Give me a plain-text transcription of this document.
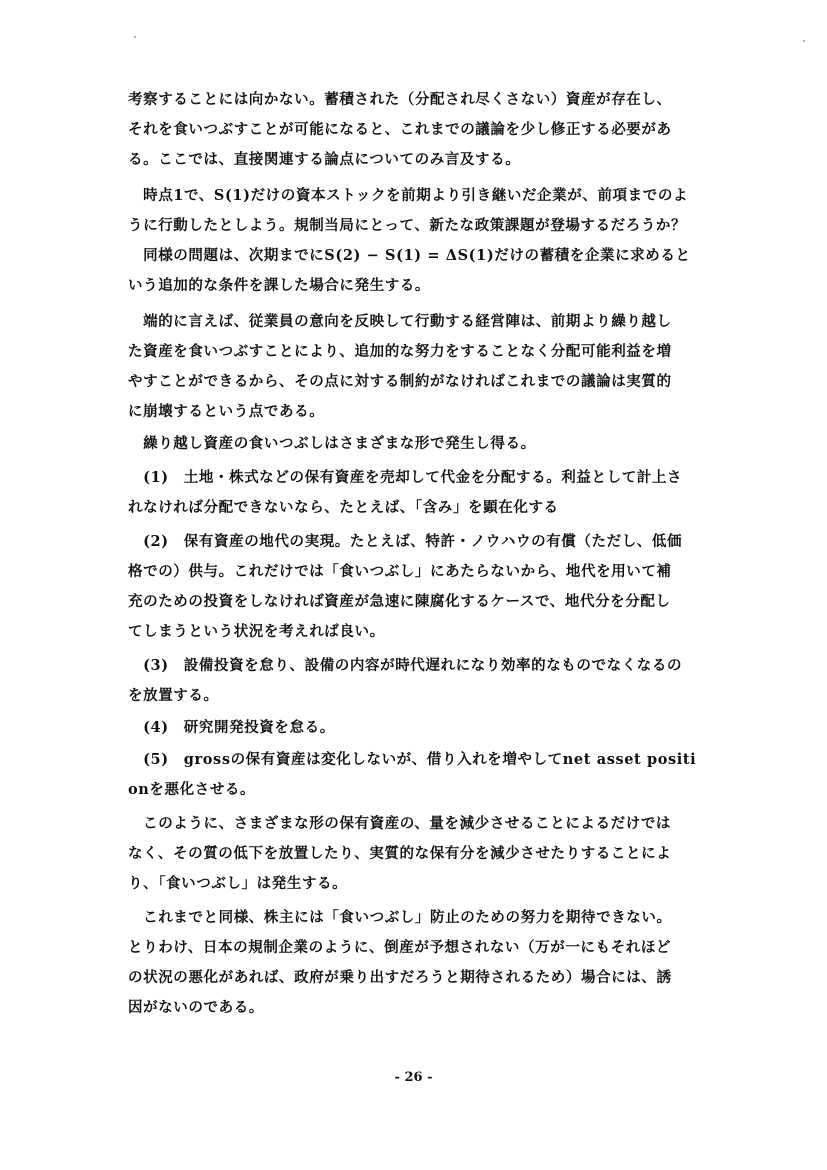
考察することには向かない。蓄積された（分配され尽くさない）資産が存在し、
それを食いつぶすことが可能になると、これまでの議論を少し修正する必要があ
る。ここでは、直接関連する論点についてのみ言及する。
　時点1で、S(1)だけの資本ストックを前期より引き継いだ企業が、前項までのよ
うに行動したとしよう。規制当局にとって、新たな政策課題が登場するだろうか？
　同様の問題は、次期までにS(2) − S(1) = ΔS(1)だけの蓄積を企業に求めると
いう追加的な条件を課した場合に発生する。
　端的に言えば、従業員の意向を反映して行動する経営陣は、前期より繰り越し
た資産を食いつぶすことにより、追加的な努力をすることなく分配可能利益を増
やすことができるから、その点に対する制約がなければこれまでの議論は実質的
に崩壊するという点である。
　繰り越し資産の食いつぶしはさまざまな形で発生し得る。
　(1)　土地・株式などの保有資産を売却して代金を分配する。利益として計上さ
れなければ分配できないなら、たとえば、「含み」を顕在化する
　(2)　保有資産の地代の実現。たとえば、特許・ノウハウの有償（ただし、低価
格での）供与。これだけでは「食いつぶし」にあたらないから、地代を用いて補
充のための投資をしなければ資産が急速に陳腐化するケースで、地代分を分配し
てしまうという状況を考えれば良い。
　(3)　設備投資を怠り、設備の内容が時代遅れになり効率的なものでなくなるの
を放置する。
　(4)　研究開発投資を怠る。
　(5)　grossの保有資産は変化しないが、借り入れを増やしてnet asset positi
onを悪化させる。
　このように、さまざまな形の保有資産の、量を減少させることによるだけでは
なく、その質の低下を放置したり、実質的な保有分を減少させたりすることによ
り、「食いつぶし」は発生する。
　これまでと同様、株主には「食いつぶし」防止のための努力を期待できない。
とりわけ、日本の規制企業のように、倒産が予想されない（万が一にもそれほど
の状況の悪化があれば、政府が乗り出すだろうと期待されるため）場合には、誘
因がないのである。
- 26 -
